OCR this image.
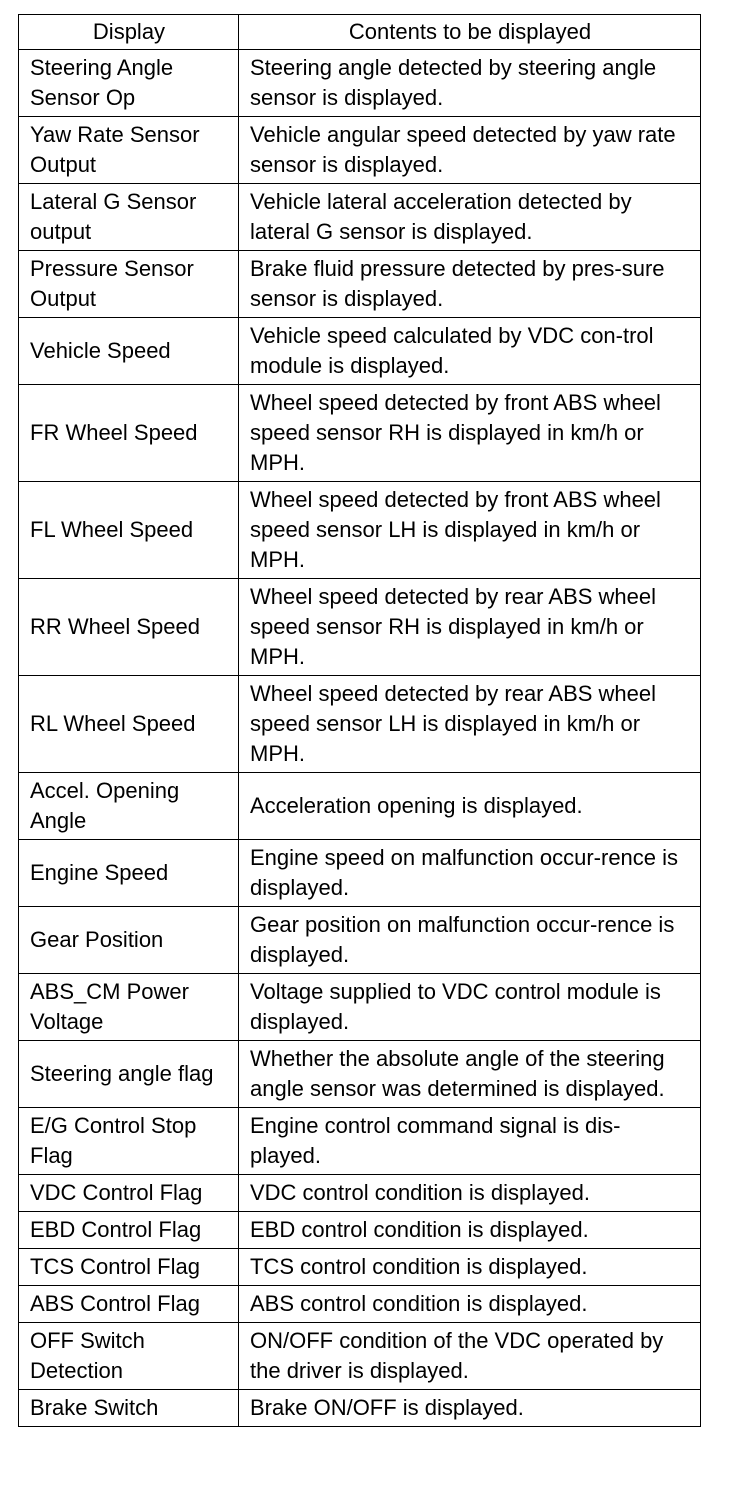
Display	Contents to be displayed
Steering Angle Sensor Op	Steering angle detected by steering angle sensor is displayed.
Yaw Rate Sensor Output	Vehicle angular speed detected by yaw rate sensor is displayed.
Lateral G Sensor output	Vehicle lateral acceleration detected by lateral G sensor is displayed.
Pressure Sensor Output	Brake fluid pressure detected by pres-sure sensor is displayed.
Vehicle Speed	Vehicle speed calculated by VDC con-trol module is displayed.
FR Wheel Speed	Wheel speed detected by front ABS wheel speed sensor RH is displayed in km/h or MPH.
FL Wheel Speed	Wheel speed detected by front ABS wheel speed sensor LH is displayed in km/h or MPH.
RR Wheel Speed	Wheel speed detected by rear ABS wheel speed sensor RH is displayed in km/h or MPH.
RL Wheel Speed	Wheel speed detected by rear ABS wheel speed sensor LH is displayed in km/h or MPH.
Accel. Opening Angle	Acceleration opening is displayed.
Engine Speed	Engine speed on malfunction occur-rence is displayed.
Gear Position	Gear position on malfunction occur-rence is displayed.
ABS_CM Power Voltage	Voltage supplied to VDC control module is displayed.
Steering angle flag	Whether the absolute angle of the steering angle sensor was determined is displayed.
E/G Control Stop Flag	Engine control command signal is dis-played.
VDC Control Flag	VDC control condition is displayed.
EBD Control Flag	EBD control condition is displayed.
TCS Control Flag	TCS control condition is displayed.
ABS Control Flag	ABS control condition is displayed.
OFF Switch Detection	ON/OFF condition of the VDC operated by the driver is displayed.
Brake Switch	Brake ON/OFF is displayed.
